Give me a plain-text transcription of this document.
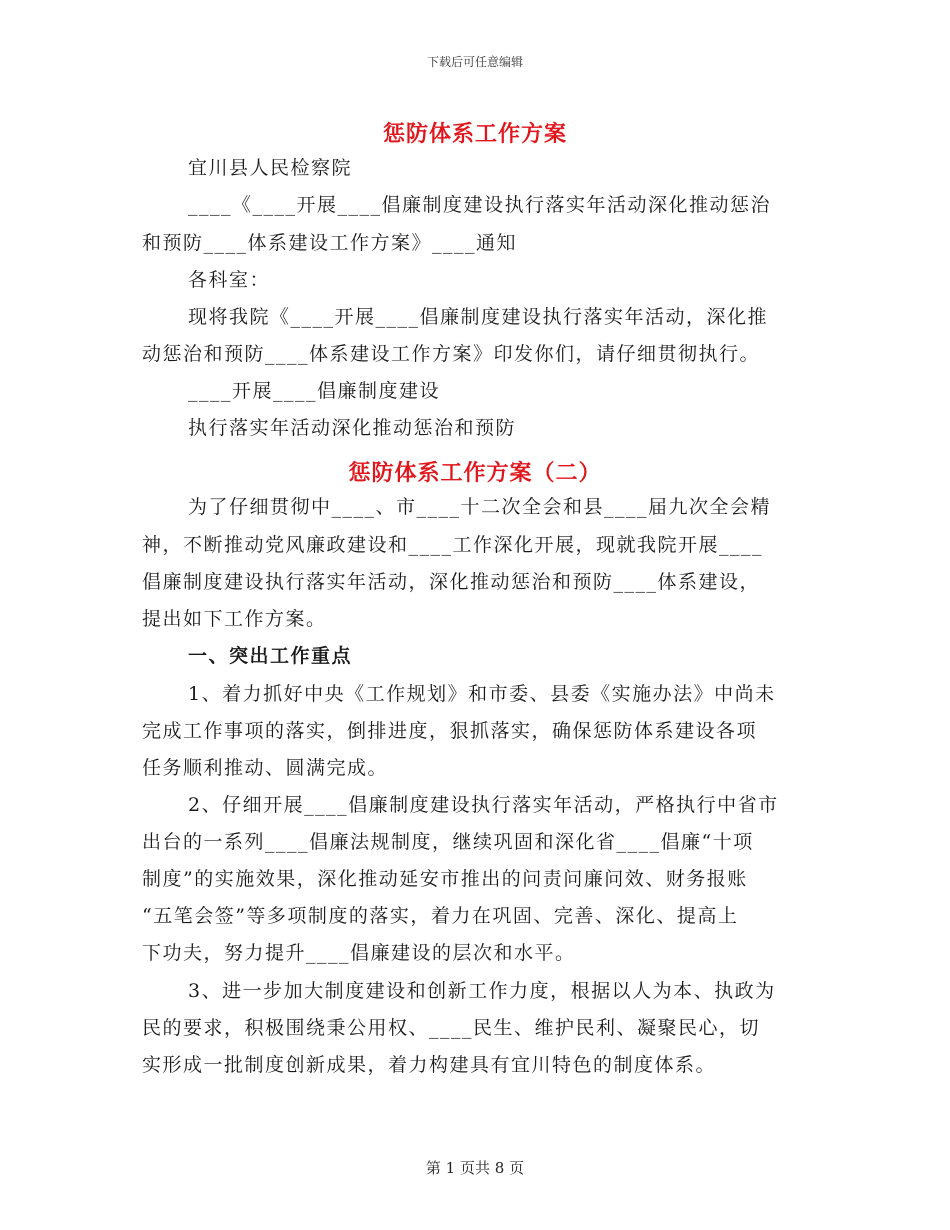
下载后可任意编辑
惩防体系工作方案
宜川县人民检察院
____《____开展____倡廉制度建设执行落实年活动深化推动惩治
和预防____体系建设工作方案》____通知
各科室：
现将我院《____开展____倡廉制度建设执行落实年活动，深化推
动惩治和预防____体系建设工作方案》印发你们，请仔细贯彻执行。
____开展____倡廉制度建设
执行落实年活动深化推动惩治和预防
惩防体系工作方案（二）
为了仔细贯彻中____、市____十二次全会和县____届九次全会精
神，不断推动党风廉政建设和____工作深化开展，现就我院开展____
倡廉制度建设执行落实年活动，深化推动惩治和预防____体系建设，
提出如下工作方案。
一、突出工作重点
1、着力抓好中央《工作规划》和市委、县委《实施办法》中尚未
完成工作事项的落实，倒排进度，狠抓落实，确保惩防体系建设各项
任务顺利推动、圆满完成。
2、仔细开展____倡廉制度建设执行落实年活动，严格执行中省市
出台的一系列____倡廉法规制度，继续巩固和深化省____倡廉“十项
制度”的实施效果，深化推动延安市推出的问责问廉问效、财务报账
“五笔会签”等多项制度的落实，着力在巩固、完善、深化、提高上
下功夫，努力提升____倡廉建设的层次和水平。
3、进一步加大制度建设和创新工作力度，根据以人为本、执政为
民的要求，积极围绕秉公用权、____民生、维护民利、凝聚民心，切
实形成一批制度创新成果，着力构建具有宜川特色的制度体系。
第 1 页共 8 页
